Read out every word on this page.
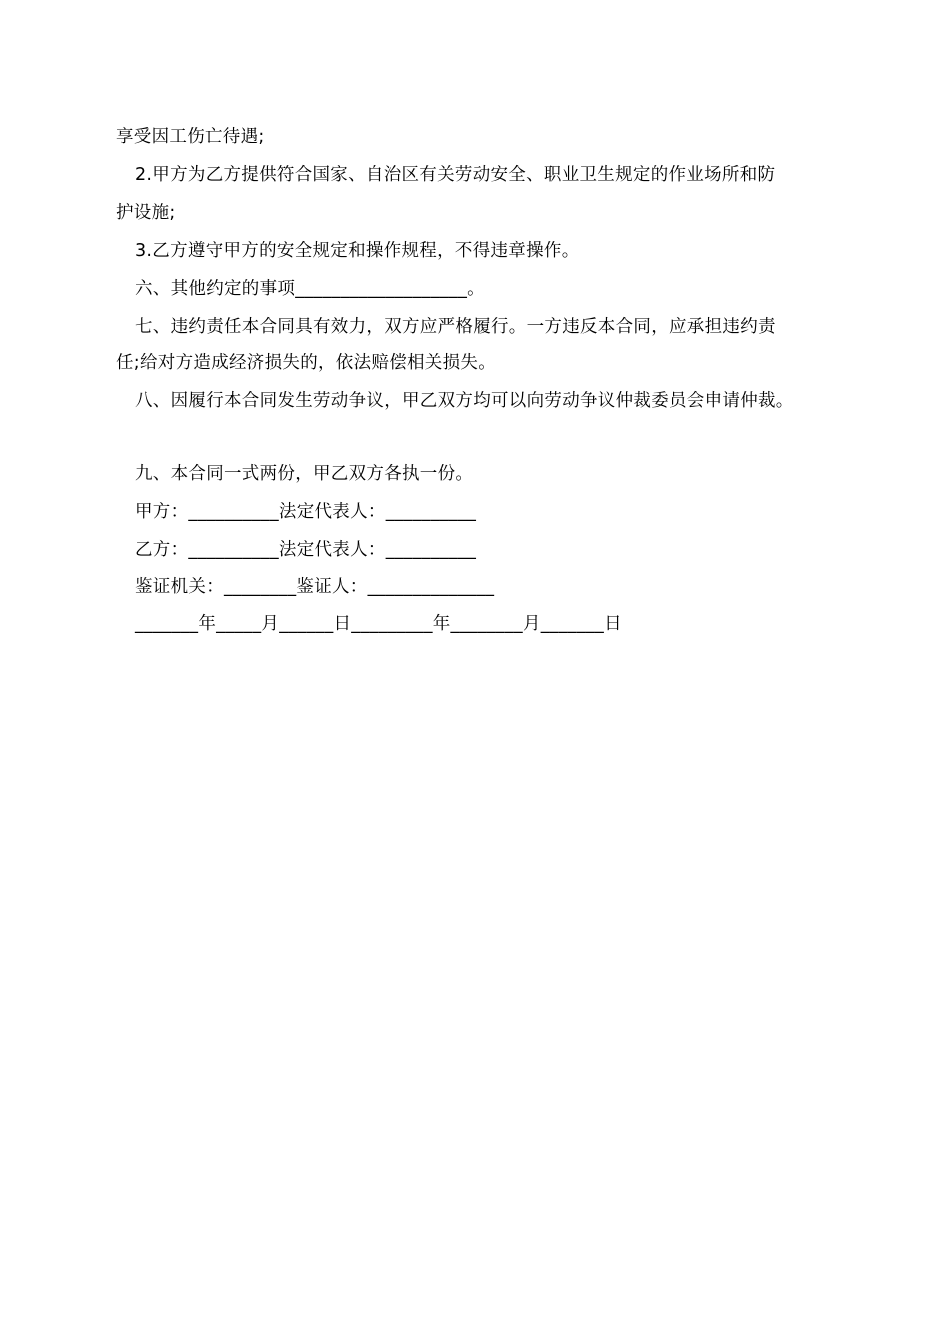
享受因工伤亡待遇;
2.甲方为乙方提供符合国家、自治区有关劳动安全、职业卫生规定的作业场所和防
护设施;
3.乙方遵守甲方的安全规定和操作规程，不得违章操作。
六、其他约定的事项___________________。
七、违约责任本合同具有效力，双方应严格履行。一方违反本合同，应承担违约责
任;给对方造成经济损失的，依法赔偿相关损失。
八、因履行本合同发生劳动争议，甲乙双方均可以向劳动争议仲裁委员会申请仲裁。
九、本合同一式两份，甲乙双方各执一份。
甲方：__________法定代表人：__________
乙方：__________法定代表人：__________
鉴证机关：________鉴证人：______________
_______年_____月______日_________年________月_______日
